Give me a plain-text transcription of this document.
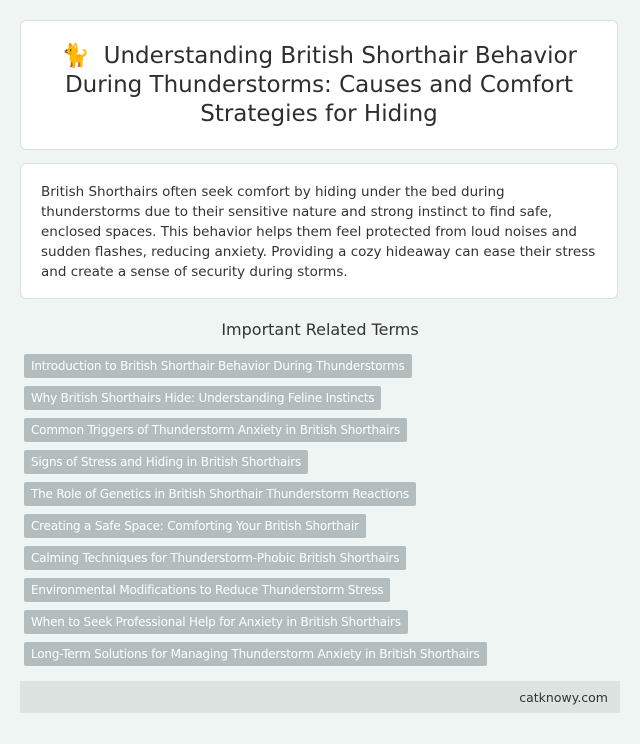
🐈 Understanding British Shorthair Behavior During Thunderstorms: Causes and Comfort Strategies for Hiding

British Shorthairs often seek comfort by hiding under the bed during thunderstorms due to their sensitive nature and strong instinct to find safe, enclosed spaces. This behavior helps them feel protected from loud noises and sudden flashes, reducing anxiety. Providing a cozy hideaway can ease their stress and create a sense of security during storms.

Important Related Terms
Introduction to British Shorthair Behavior During Thunderstorms
Why British Shorthairs Hide: Understanding Feline Instincts
Common Triggers of Thunderstorm Anxiety in British Shorthairs
Signs of Stress and Hiding in British Shorthairs
The Role of Genetics in British Shorthair Thunderstorm Reactions
Creating a Safe Space: Comforting Your British Shorthair
Calming Techniques for Thunderstorm-Phobic British Shorthairs
Environmental Modifications to Reduce Thunderstorm Stress
When to Seek Professional Help for Anxiety in British Shorthairs
Long-Term Solutions for Managing Thunderstorm Anxiety in British Shorthairs
catknowy.com
